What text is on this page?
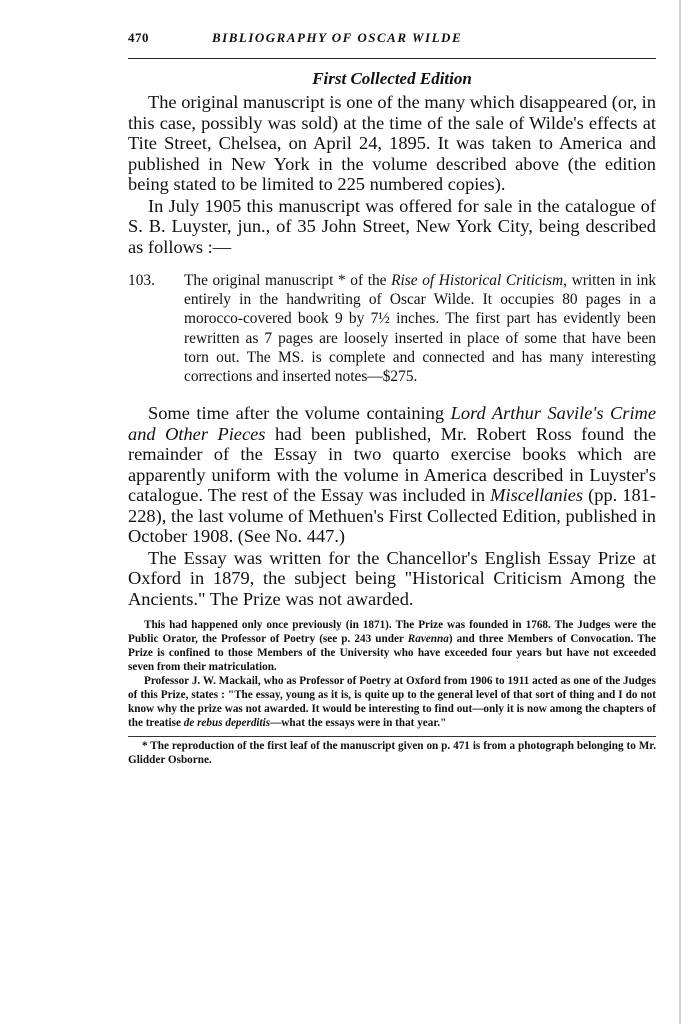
470	BIBLIOGRAPHY OF OSCAR WILDE
First Collected Edition

The original manuscript is one of the many which disappeared (or, in this case, possibly was sold) at the time of the sale of Wilde's effects at Tite Street, Chelsea, on April 24, 1895. It was taken to America and published in New York in the volume described above (the edition being stated to be limited to 225 numbered copies).

In July 1905 this manuscript was offered for sale in the catalogue of S. B. Luyster, jun., of 35 John Street, New York City, being described as follows :—

103. The original manuscript * of the Rise of Historical Criticism, written in ink entirely in the handwriting of Oscar Wilde. It occupies 80 pages in a morocco-covered book 9 by 7½ inches. The first part has evidently been rewritten as 7 pages are loosely inserted in place of some that have been torn out. The MS. is complete and connected and has many interesting corrections and inserted notes—$275.

Some time after the volume containing Lord Arthur Savile's Crime and Other Pieces had been published, Mr. Robert Ross found the remainder of the Essay in two quarto exercise books which are apparently uniform with the volume in America described in Luyster's catalogue. The rest of the Essay was included in Miscellanies (pp. 181-228), the last volume of Methuen's First Collected Edition, published in October 1908. (See No. 447.)

The Essay was written for the Chancellor's English Essay Prize at Oxford in 1879, the subject being "Historical Criticism Among the Ancients." The Prize was not awarded.

This had happened only once previously (in 1871). The Prize was founded in 1768. The Judges were the Public Orator, the Professor of Poetry (see p. 243 under Ravenna) and three Members of Convocation. The Prize is confined to those Members of the University who have exceeded four years but have not exceeded seven from their matriculation.

Professor J. W. Mackail, who as Professor of Poetry at Oxford from 1906 to 1911 acted as one of the Judges of this Prize, states : "The essay, young as it is, is quite up to the general level of that sort of thing and I do not know why the prize was not awarded. It would be interesting to find out—only it is now among the chapters of the treatise de rebus deperditis—what the essays were in that year."

* The reproduction of the first leaf of the manuscript given on p. 471 is from a photograph belonging to Mr. Glidder Osborne.
